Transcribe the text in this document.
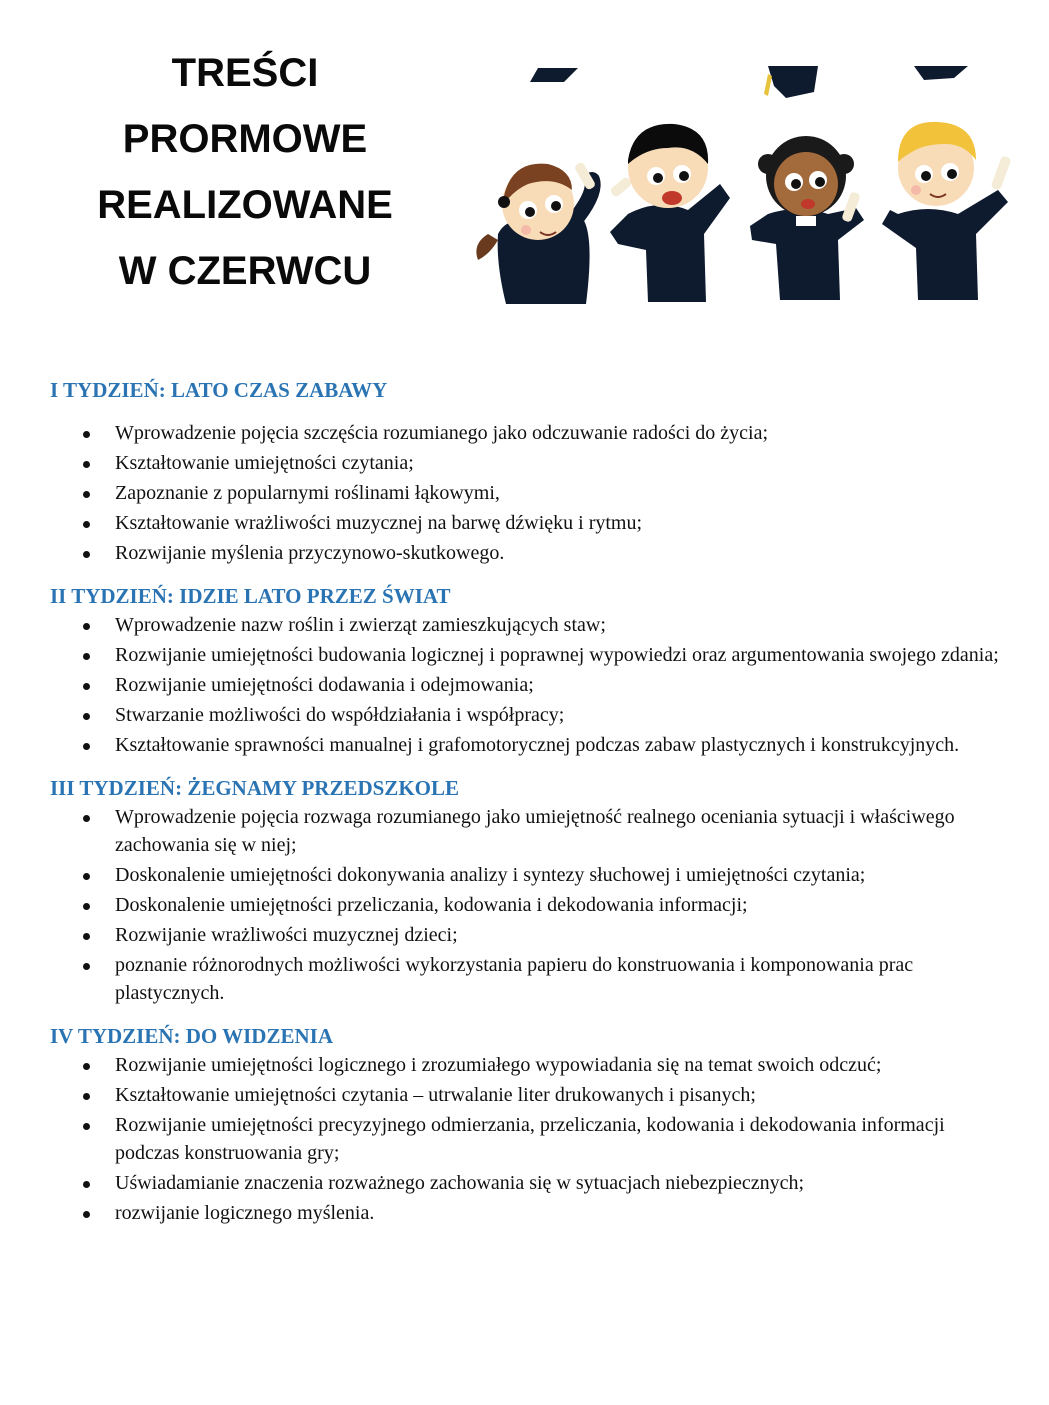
TREŚCI
PRORMOWE
REALIZOWANE
W CZERWCU
I TYDZIEŃ: LATO CZAS ZABAWY
Wprowadzenie pojęcia szczęścia rozumianego jako odczuwanie radości do życia;
Kształtowanie umiejętności czytania;
Zapoznanie z popularnymi roślinami łąkowymi,
Kształtowanie wrażliwości muzycznej na barwę dźwięku i rytmu;
Rozwijanie myślenia przyczynowo-skutkowego.
II TYDZIEŃ: IDZIE LATO PRZEZ ŚWIAT
Wprowadzenie nazw roślin i zwierząt zamieszkujących staw;
Rozwijanie umiejętności budowania logicznej i poprawnej wypowiedzi oraz argumentowania swojego zdania;
Rozwijanie umiejętności dodawania i odejmowania;
Stwarzanie możliwości do współdziałania i współpracy;
Kształtowanie sprawności manualnej i grafomotorycznej podczas zabaw plastycznych i konstrukcyjnych.
III TYDZIEŃ: ŻEGNAMY PRZEDSZKOLE
Wprowadzenie pojęcia rozwaga rozumianego jako umiejętność realnego oceniania sytuacji i właściwego zachowania się w niej;
Doskonalenie umiejętności dokonywania analizy i syntezy słuchowej i umiejętności czytania;
Doskonalenie umiejętności przeliczania, kodowania i dekodowania informacji;
Rozwijanie wrażliwości muzycznej dzieci;
poznanie różnorodnych możliwości wykorzystania papieru do konstruowania i komponowania prac plastycznych.
IV TYDZIEŃ: DO WIDZENIA
Rozwijanie umiejętności logicznego i zrozumiałego wypowiadania się na temat swoich odczuć;
Kształtowanie umiejętności czytania – utrwalanie liter drukowanych i pisanych;
Rozwijanie umiejętności precyzyjnego odmierzania, przeliczania, kodowania i dekodowania informacji podczas konstruowania gry;
Uświadamianie znaczenia rozważnego zachowania się w sytuacjach niebezpiecznych;
rozwijanie logicznego myślenia.
